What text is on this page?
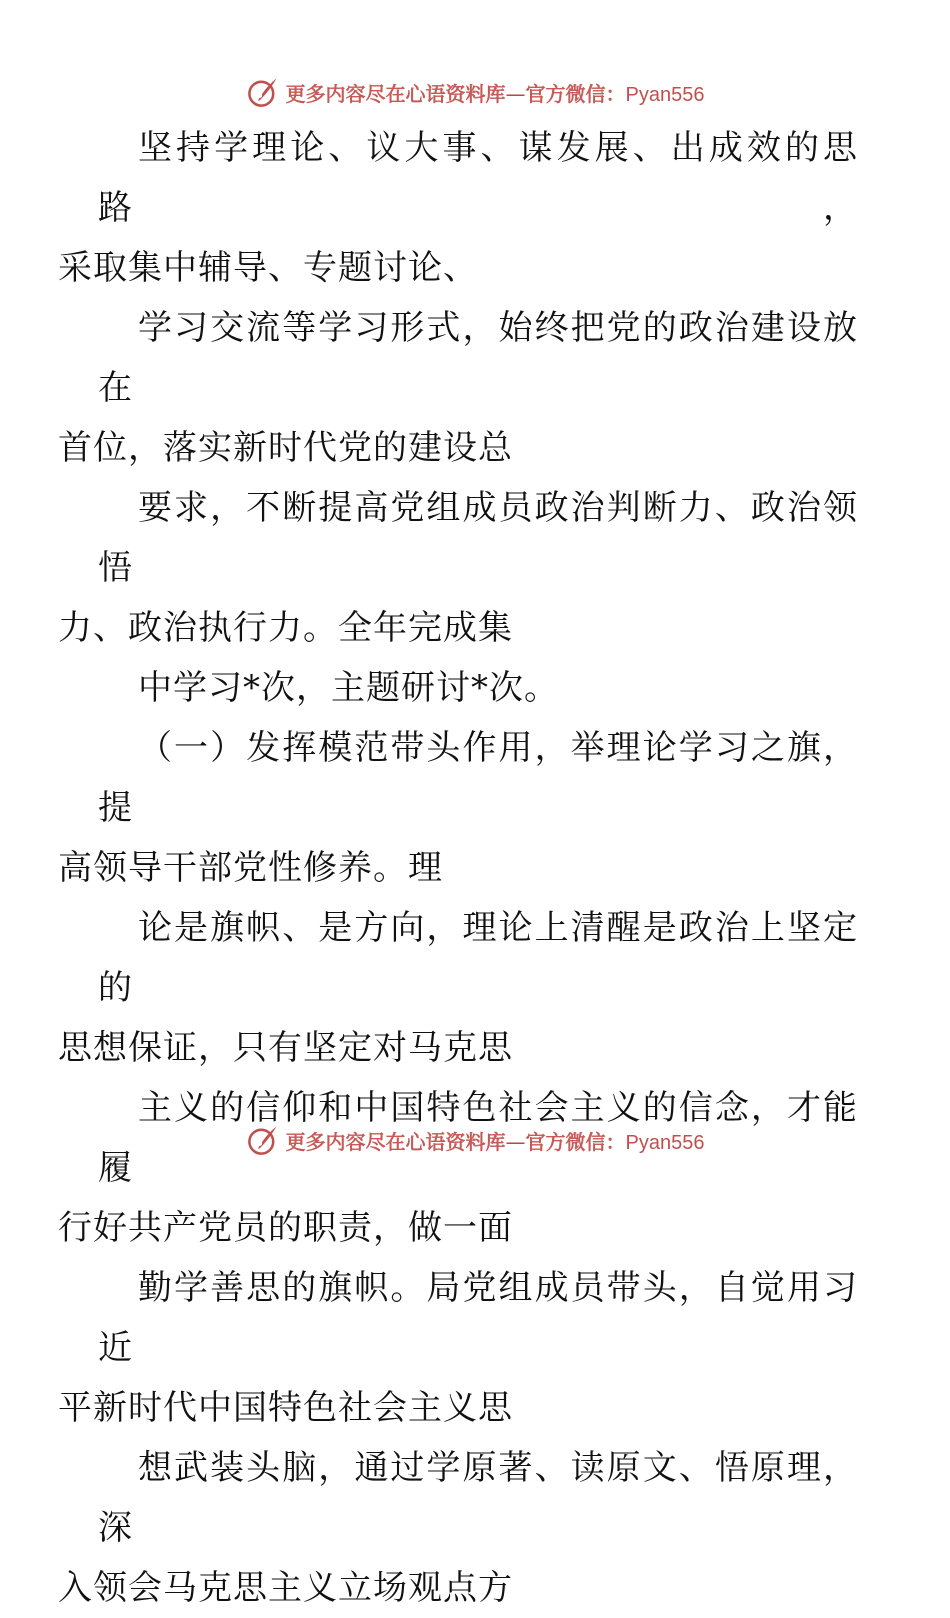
更多内容尽在心语资料库—官方微信：Pyan556

坚持学理论、议大事、谋发展、出成效的思路，
采取集中辅导、专题讨论、

学习交流等学习形式，始终把党的政治建设放在
首位，落实新时代党的建设总

要求，不断提高党组成员政治判断力、政治领悟
力、政治执行力。全年完成集

中学习*次，主题研讨*次。

（一）发挥模范带头作用，举理论学习之旗，提
高领导干部党性修养。理

论是旗帜、是方向，理论上清醒是政治上坚定的
思想保证，只有坚定对马克思

主义的信仰和中国特色社会主义的信念，才能履
行好共产党员的职责，做一面

勤学善思的旗帜。局党组成员带头，自觉用习近
平新时代中国特色社会主义思

想武装头脑，通过学原著、读原文、悟原理，深
入领会马克思主义立场观点方

更多内容尽在心语资料库—官方微信：Pyan556
